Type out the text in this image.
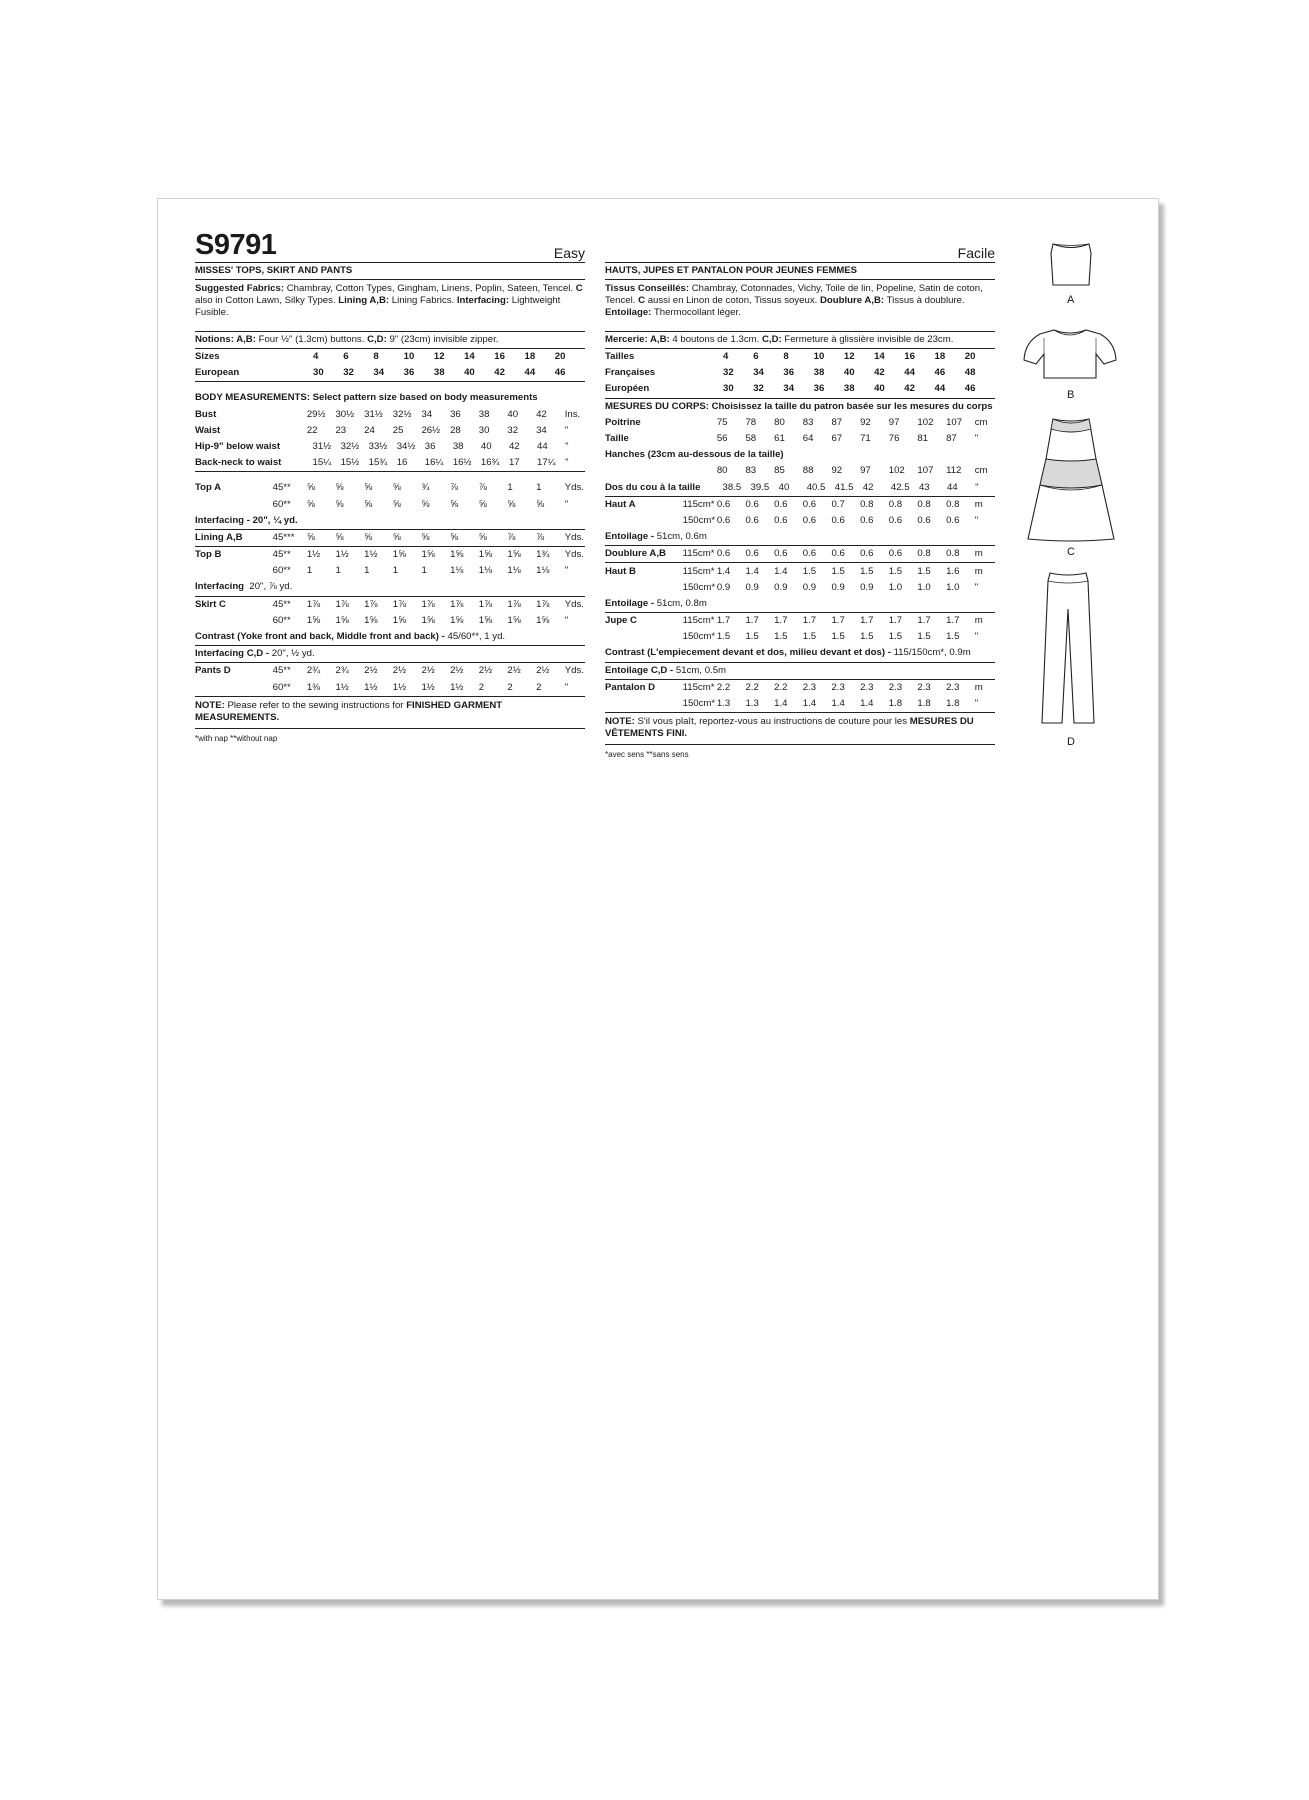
S9791	Easy
MISSES' TOPS, SKIRT AND PANTS
Suggested Fabrics: Chambray, Cotton Types, Gingham, Linens, Poplin, Sateen, Tencel. C also in Cotton Lawn, Silky Types. Lining A,B: Lining Fabrics. Interfacing: Lightweight Fusible.
Notions: A,B: Four ½" (1.3cm) buttons. C,D: 9" (23cm) invisible zipper.
Sizes	4	6	8	10	12	14	16	18	20
European	30	32	34	36	38	40	42	44	46
BODY MEASUREMENTS: Select pattern size based on body measurements
Bust	29½	30½	31½	32½	34	36	38	40	42	Ins.
Waist	22	23	24	25	26½	28	30	32	34	"
Hip-9" below waist	31½ 32½ 33½ 34½ 36	38	40	42	44	"
Back-neck to waist	15¼ 15½ 15¾ 16	16¼ 16½ 16¾ 17	17¼ "
Top A	45**	⅝	⅝	⅝	⅝	¾	⅞	⅞	1	1	Yds.
60**	⅝	⅝	⅝	⅝	⅝	⅝	⅝	⅝	⅝	"
Interfacing - 20", ¼ yd.
Lining A,B	45***	⅝	⅝	⅝	⅝	⅝	⅝	⅝	⅞	⅞	Yds.
Top B	45**	1½	1½	1½	1⅝	1⅝	1⅝	1⅝	1⅝	1¾	Yds.
60**	1	1	1	1	1	1⅛	1⅛	1⅛	1⅛	"
Interfacing 20", ⅞ yd.
Skirt C	45**	1⅞	1⅞	1⅞	1⅞	1⅞	1⅞	1⅞	1⅞	1⅞	Yds.
60**	1⅝	1⅝	1⅝	1⅝	1⅝	1⅝	1⅝	1⅝	1⅝	"
Contrast (Yoke front and back, Middle front and back) - 45/60**, 1 yd.
Interfacing C,D - 20", ½ yd.
Pants D	45**	2¾	2¾	2½	2½	2½	2½	2½	2½	2½	Yds.
60**	1⅜	1½	1½	1½	1½	1½	2	2	2	"
NOTE: Please refer to the sewing instructions for FINISHED GARMENT MEASUREMENTS.
*with nap **without nap
Facile
HAUTS, JUPES ET PANTALON POUR JEUNES FEMMES
Tissus Conseillés: Chambray, Cotonnades, Vichy, Toile de lin, Popeline, Satin de coton, Tencel. C aussi en Linon de coton, Tissus soyeux. Doublure A,B: Tissus à doublure. Entoilage: Thermocollant léger.
Mercerie: A,B: 4 boutons de 1.3cm. C,D: Fermeture à glissière invisible de 23cm.
Tailles	4	6	8	10	12	14	16	18	20
Françaises	32	34	36	38	40	42	44	46	48
Européen	30	32	34	36	38	40	42	44	46
MESURES DU CORPS: Choisissez la taille du patron basée sur les mesures du corps
Poitrine	75	78	80	83	87	92	97	102	107	cm
Taille	56	58	61	64	67	71	76	81	87	"
Hanches (23cm au-dessous de la taille)
80	83	85	88	92	97	102	107	112	cm
Dos du cou à la taille 38.5 39.5 40	40.5 41.5 42	42.5 43	44	"
Haut A	115cm* 0.6	0.6	0.6	0.6	0.7	0.8	0.8	0.8	0.8	m
150cm* 0.6	0.6	0.6	0.6	0.6	0.6	0.6	0.6	0.6	"
Entoilage - 51cm, 0.6m
Doublure A,B	115cm* 0.6	0.6	0.6	0.6	0.6	0.6	0.6	0.8	0.8	m
Haut B	115cm* 1.4	1.4	1.4	1.5	1.5	1.5	1.5	1.5	1.6	m
150cm* 0.9	0.9	0.9	0.9	0.9	0.9	1.0	1.0	1.0	"
Entoilage - 51cm, 0.8m
Jupe C	115cm* 1.7	1.7	1.7	1.7	1.7	1.7	1.7	1.7	1.7	m
150cm* 1.5	1.5	1.5	1.5	1.5	1.5	1.5	1.5	1.5	"
Contrast (L'empiecement devant et dos, milieu devant et dos) - 115/150cm*, 0.9m
Entoilage C,D - 51cm, 0.5m
Pantalon D	115cm* 2.2	2.2	2.2	2.3	2.3	2.3	2.3	2.3	2.3	m
150cm* 1.3	1.3	1.4	1.4	1.4	1.4	1.8	1.8	1.8	"
NOTE: S'il vous plaît, reportez-vous au instructions de couture pour les MESURES DU VÊTEMENTS FINI.
*avec sens **sans sens
A
B
C
D
